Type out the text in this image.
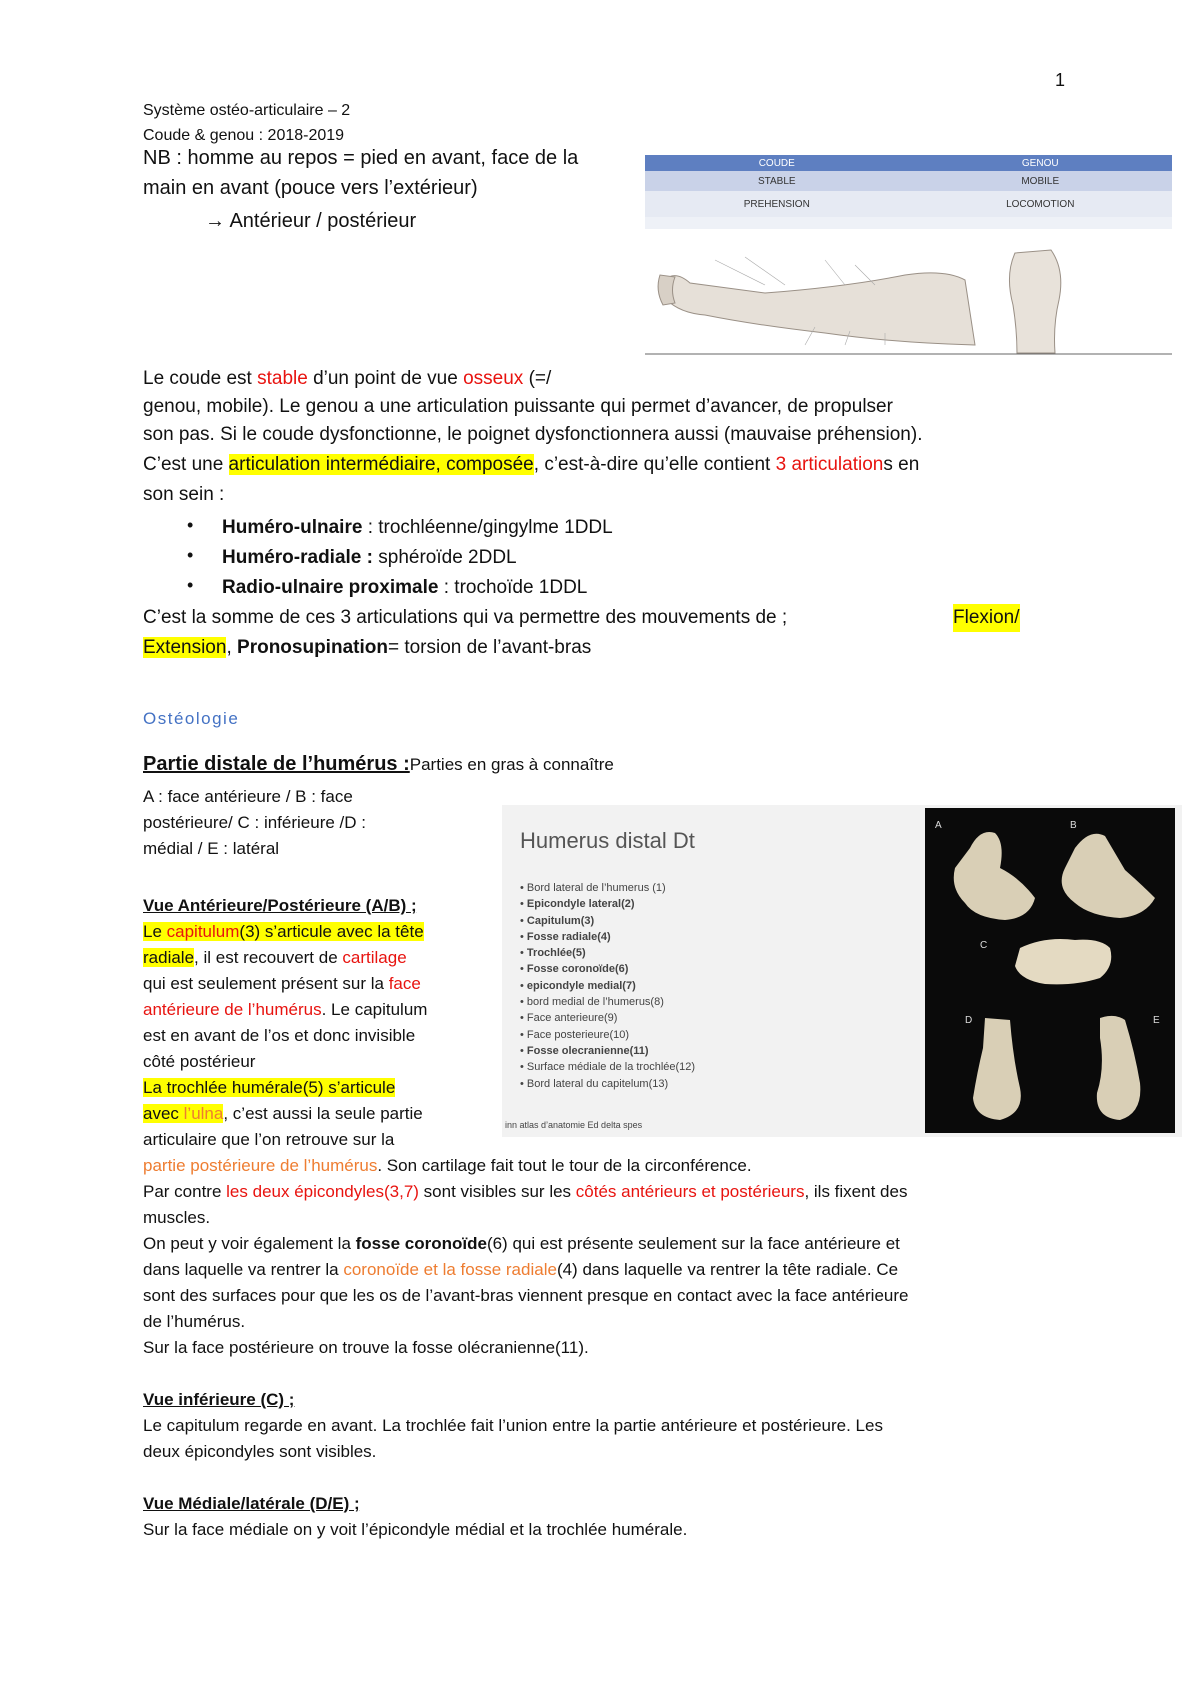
1
Système ostéo-articulaire – 2
Coude & genou : 2018-2019
NB : homme au repos = pied en avant, face de la
main en avant (pouce vers l’extérieur)
→ Antérieur / postérieur
COUDE	GENOU
STABLE	MOBILE
PREHENSION	LOCOMOTION
Le coude est stable d’un point de vue osseux (=/
genou, mobile). Le genou a une articulation puissante qui permet d’avancer, de propulser
son pas. Si le coude dysfonctionne, le poignet dysfonctionnera aussi (mauvaise préhension).
C’est une articulation intermédiaire, composée, c’est-à-dire qu’elle contient 3 articulations en
son sein :
• Huméro-ulnaire : trochléenne/gingylme 1DDL
• Huméro-radiale : sphéroïde 2DDL
• Radio-ulnaire proximale : trochoïde 1DDL
C’est la somme de ces 3 articulations qui va permettre des mouvements de ;	Flexion/
Extension, Pronosupination= torsion de l’avant-bras
Ostéologie
Partie distale de l’humérus :Parties en gras à connaître
A : face antérieure / B : face
postérieure/ C : inférieure /D :
médial / E : latéral
Vue Antérieure/Postérieure (A/B) ;
Le capitulum(3) s’articule avec la tête
radiale, il est recouvert de cartilage
qui est seulement présent sur la face
antérieure de l’humérus. Le capitulum
est en avant de l’os et donc invisible
côté postérieur
La trochlée humérale(5) s’articule
avec l’ulna, c’est aussi la seule partie
articulaire que l’on retrouve sur la
partie postérieure de l’humérus. Son cartilage fait tout le tour de la circonférence.
Par contre les deux épicondyles(3,7) sont visibles sur les côtés antérieurs et postérieurs, ils fixent des
muscles.
On peut y voir également la fosse coronoïde(6) qui est présente seulement sur la face antérieure et
dans laquelle va rentrer la coronoïde et la fosse radiale(4) dans laquelle va rentrer la tête radiale. Ce
sont des surfaces pour que les os de l’avant-bras viennent presque en contact avec la face antérieure
de l’humérus.
Sur la face postérieure on trouve la fosse olécranienne(11).
Vue inférieure (C) ;
Le capitulum regarde en avant. La trochlée fait l’union entre la partie antérieure et postérieure. Les
deux épicondyles sont visibles.
Vue Médiale/latérale (D/E) ;
Sur la face médiale on y voit l’épicondyle médial et la trochlée humérale.
Humerus distal Dt
• Bord lateral de l’humerus (1)
• Epicondyle lateral(2)
• Capitulum(3)
• Fosse radiale(4)
• Trochlée(5)
• Fosse coronoïde(6)
• epicondyle medial(7)
• bord medial de l’humerus(8)
• Face anterieure(9)
• Face posterieure(10)
• Fosse olecranienne(11)
• Surface médiale de la trochlée(12)
• Bord lateral du capitelum(13)
inn atlas d’anatomie Ed delta spes
A	B
C
D	E
